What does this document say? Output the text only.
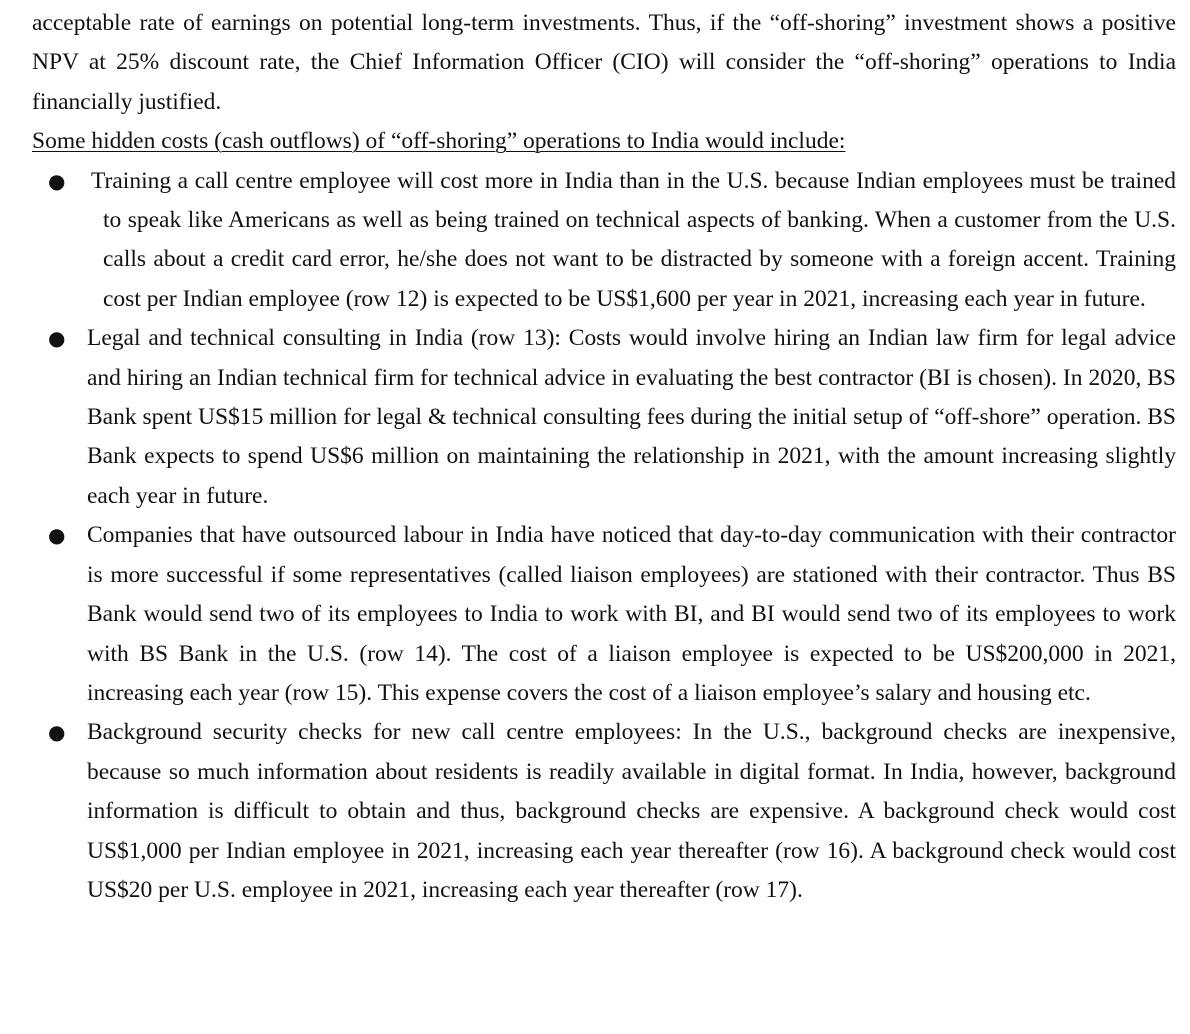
acceptable rate of earnings on potential long-term investments. Thus, if the “off-shoring” investment shows a positive NPV at 25% discount rate, the Chief Information Officer (CIO) will consider the “off-shoring” operations to India financially justified.

Some hidden costs (cash outflows) of “off-shoring” operations to India would include:

● Training a call centre employee will cost more in India than in the U.S. because Indian employees must be trained to speak like Americans as well as being trained on technical aspects of banking. When a customer from the U.S. calls about a credit card error, he/she does not want to be distracted by someone with a foreign accent. Training cost per Indian employee (row 12) is expected to be US$1,600 per year in 2021, increasing each year in future.
● Legal and technical consulting in India (row 13): Costs would involve hiring an Indian law firm for legal advice and hiring an Indian technical firm for technical advice in evaluating the best contractor (BI is chosen). In 2020, BS Bank spent US$15 million for legal & technical consulting fees during the initial setup of “off-shore” operation. BS Bank expects to spend US$6 million on maintaining the relationship in 2021, with the amount increasing slightly each year in future.
● Companies that have outsourced labour in India have noticed that day-to-day communication with their contractor is more successful if some representatives (called liaison employees) are stationed with their contractor. Thus BS Bank would send two of its employees to India to work with BI, and BI would send two of its employees to work with BS Bank in the U.S. (row 14). The cost of a liaison employee is expected to be US$200,000 in 2021, increasing each year (row 15). This expense covers the cost of a liaison employee’s salary and housing etc.
● Background security checks for new call centre employees: In the U.S., background checks are inexpensive, because so much information about residents is readily available in digital format. In India, however, background information is difficult to obtain and thus, background checks are expensive. A background check would cost US$1,000 per Indian employee in 2021, increasing each year thereafter (row 16). A background check would cost US$20 per U.S. employee in 2021, increasing each year thereafter (row 17).
